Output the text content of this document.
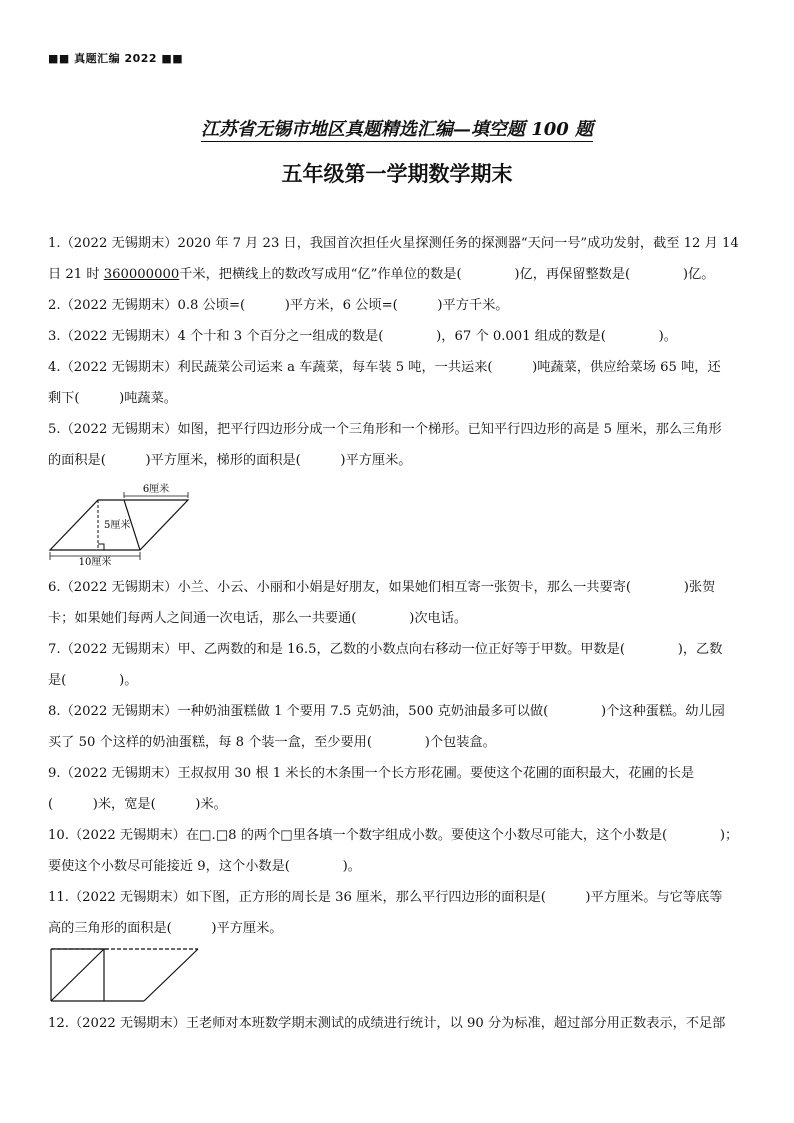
■■ 真题汇编 2022 ■■
江苏省无锡市地区真题精选汇编—填空题 100 题
五年级第一学期数学期末

1.（2022 无锡期末）2020 年 7 月 23 日，我国首次担任火星探测任务的探测器“天问一号”成功发射，截至 12 月 14

日 21 时 360000000千米，把横线上的数改写成用“亿”作单位的数是(　　　　)亿，再保留整数是(　　　　)亿。

2.（2022 无锡期末）0.8 公顷=(　　　)平方米，6 公顷=(　　　)平方千米。

3.（2022 无锡期末）4 个十和 3 个百分之一组成的数是(　　　　)，67 个 0.001 组成的数是(　　　　)。

4.（2022 无锡期末）利民蔬菜公司运来 a 车蔬菜，每车装 5 吨，一共运来(　　　)吨蔬菜，供应给菜场 65 吨，还

剩下(　　　)吨蔬菜。

5.（2022 无锡期末）如图，把平行四边形分成一个三角形和一个梯形。已知平行四边形的高是 5 厘米，那么三角形

的面积是(　　　)平方厘米，梯形的面积是(　　　)平方厘米。

6厘米
5厘米
10厘米

6.（2022 无锡期末）小兰、小云、小丽和小娟是好朋友，如果她们相互寄一张贺卡，那么一共要寄(　　　　)张贺

卡；如果她们每两人之间通一次电话，那么一共要通(　　　　)次电话。

7.（2022 无锡期末）甲、乙两数的和是 16.5，乙数的小数点向右移动一位正好等于甲数。甲数是(　　　　)，乙数

是(　　　　)。

8.（2022 无锡期末）一种奶油蛋糕做 1 个要用 7.5 克奶油，500 克奶油最多可以做(　　　　)个这种蛋糕。幼儿园

买了 50 个这样的奶油蛋糕，每 8 个装一盒，至少要用(　　　　)个包装盒。

9.（2022 无锡期末）王叔叔用 30 根 1 米长的木条围一个长方形花圃。要使这个花圃的面积最大，花圃的长是

(　　　)米，宽是(　　　)米。

10.（2022 无锡期末）在□.□8 的两个□里各填一个数字组成小数。要使这个小数尽可能大，这个小数是(　　　　)；

要使这个小数尽可能接近 9，这个小数是(　　　　)。

11.（2022 无锡期末）如下图，正方形的周长是 36 厘米，那么平行四边形的面积是(　　　)平方厘米。与它等底等

高的三角形的面积是(　　　)平方厘米。

12.（2022 无锡期末）王老师对本班数学期末测试的成绩进行统计，以 90 分为标准，超过部分用正数表示，不足部
